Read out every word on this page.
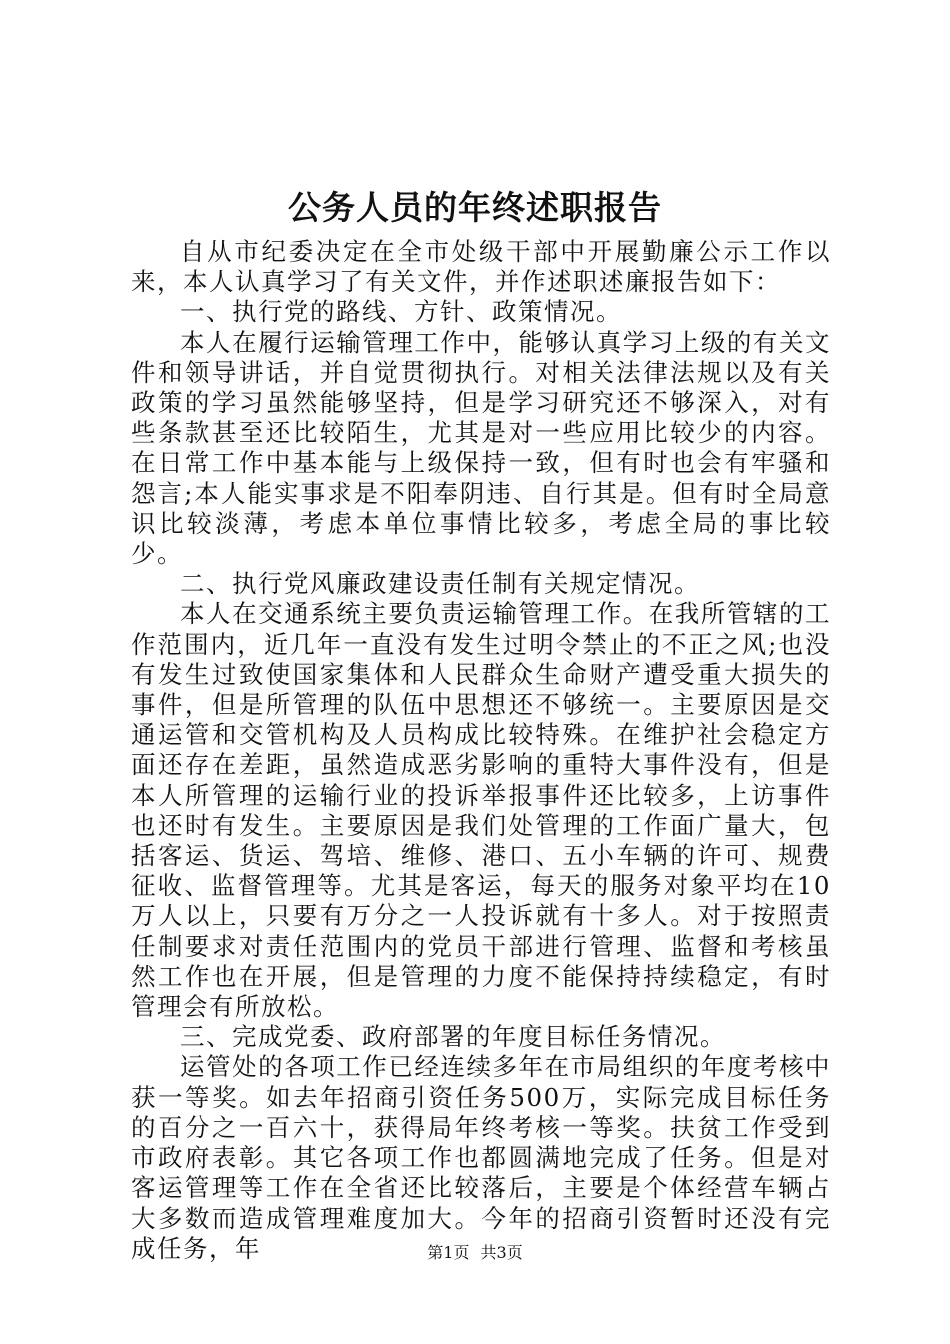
公务人员的年终述职报告

自从市纪委决定在全市处级干部中开展勤廉公示工作以来，本人认真学习了有关文件，并作述职述廉报告如下：

一、执行党的路线、方针、政策情况。

本人在履行运输管理工作中，能够认真学习上级的有关文件和领导讲话，并自觉贯彻执行。对相关法律法规以及有关政策的学习虽然能够坚持，但是学习研究还不够深入，对有些条款甚至还比较陌生，尤其是对一些应用比较少的内容。在日常工作中基本能与上级保持一致，但有时也会有牢骚和怨言;本人能实事求是不阳奉阴违、自行其是。但有时全局意识比较淡薄，考虑本单位事情比较多，考虑全局的事比较少。

二、执行党风廉政建设责任制有关规定情况。

本人在交通系统主要负责运输管理工作。在我所管辖的工作范围内，近几年一直没有发生过明令禁止的不正之风;也没有发生过致使国家集体和人民群众生命财产遭受重大损失的事件，但是所管理的队伍中思想还不够统一。主要原因是交通运管和交管机构及人员构成比较特殊。在维护社会稳定方面还存在差距，虽然造成恶劣影响的重特大事件没有，但是本人所管理的运输行业的投诉举报事件还比较多，上访事件也还时有发生。主要原因是我们处管理的工作面广量大，包括客运、货运、驾培、维修、港口、五小车辆的许可、规费征收、监督管理等。尤其是客运，每天的服务对象平均在10万人以上，只要有万分之一人投诉就有十多人。对于按照责任制要求对责任范围内的党员干部进行管理、监督和考核虽然工作也在开展，但是管理的力度不能保持持续稳定，有时管理会有所放松。

三、完成党委、政府部署的年度目标任务情况。

运管处的各项工作已经连续多年在市局组织的年度考核中获一等奖。如去年招商引资任务500万，实际完成目标任务的百分之一百六十，获得局年终考核一等奖。扶贫工作受到市政府表彰。其它各项工作也都圆满地完成了任务。但是对客运管理等工作在全省还比较落后，主要是个体经营车辆占大多数而造成管理难度加大。今年的招商引资暂时还没有完成任务，年	第1页 共3页
